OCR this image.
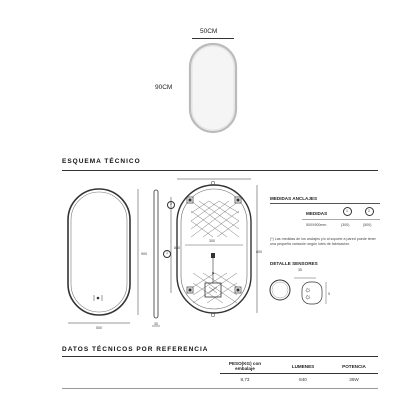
50CM
90CM
ESQUEMA TÉCNICO
500
900
30
1
2
800
880
300
MEDIDAS ANCLAJES
MEDIDAS	1	2
500X900mm	(300)	(500)
(*) Las medidas de los anclajes y/o al soporte a pared puede tener una pequeña variación según lotes de fabricación.
DETALLE SENSORES
35
☼
☼	5
DATOS TÉCNICOS POR REFERENCIA
PESO(KG) con embalaje	LUMENES	POTENCIA
8,73	840	36W
